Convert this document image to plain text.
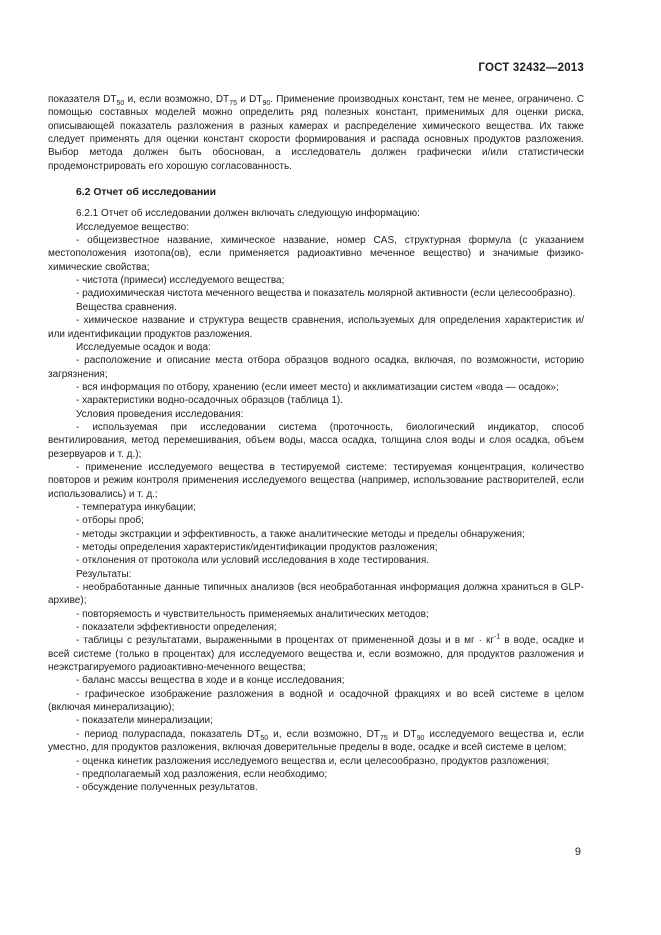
ГОСТ 32432—2013

показателя $DT_{50}$ и, если возможно, $DT_{75}$ и $DT_{90}$. Применение производных констант, тем не менее, ограничено. С помощью составных моделей можно определить ряд полезных констант, применимых для оценки риска, описывающей показатель разложения в разных камерах и распределение химического вещества. Их также следует применять для оценки констант скорости формирования и распада основных продуктов разложения. Выбор метода должен быть обоснован, а исследователь должен графически и/или статистически продемонстрировать его хорошую согласованность.

6.2 Отчет об исследовании

6.2.1 Отчет об исследовании должен включать следующую информацию:

Исследуемое вещество:

- общеизвестное название, химическое название, номер CAS, структурная формула (с указанием местоположения изотопа(ов), если применяется радиоактивно меченное вещество) и значимые физико-химические свойства;

- чистота (примеси) исследуемого вещества;

- радиохимическая чистота меченного вещества и показатель молярной активности (если целесообразно).

Вещества сравнения.

- химическое название и структура веществ сравнения, используемых для определения характеристик и/или идентификации продуктов разложения.

Исследуемые осадок и вода:

- расположение и описание места отбора образцов водного осадка, включая, по возможности, историю загрязнения;

- вся информация по отбору, хранению (если имеет место) и акклиматизации систем «вода — осадок»;

- характеристики водно-осадочных образцов (таблица 1).

Условия проведения исследования:

- используемая при исследовании система (проточность, биологический индикатор, способ вентилирования, метод перемешивания, объем воды, масса осадка, толщина слоя воды и слоя осадка, объем резервуаров и т. д.);

- применение исследуемого вещества в тестируемой системе: тестируемая концентрация, количество повторов и режим контроля применения исследуемого вещества (например, использование растворителей, если использовались) и т. д.;

- температура инкубации;

- отборы проб;

- методы экстракции и эффективность, а также аналитические методы и пределы обнаружения;

- методы определения характеристик/идентификации продуктов разложения;

- отклонения от протокола или условий исследования в ходе тестирования.

Результаты:

- необработанные данные типичных анализов (вся необработанная информация должна храниться в GLP-архиве);

- повторяемость и чувствительность применяемых аналитических методов;

- показатели эффективности определения;

- таблицы с результатами, выраженными в процентах от примененной дозы и в мг · $кг^{-1}$ в воде, осадке и всей системе (только в процентах) для исследуемого вещества и, если возможно, для продуктов разложения и неэкстрагируемого радиоактивно-меченного вещества;

- баланс массы вещества в ходе и в конце исследования;

- графическое изображение разложения в водной и осадочной фракциях и во всей системе в целом (включая минерализацию);

- показатели минерализации;

- период полураспада, показатель $DT_{50}$ и, если возможно, $DT_{75}$ и $DT_{90}$ исследуемого вещества и, если уместно, для продуктов разложения, включая доверительные пределы в воде, осадке и всей системе в целом;

- оценка кинетик разложения исследуемого вещества и, если целесообразно, продуктов разложения;

- предполагаемый ход разложения, если необходимо;

- обсуждение полученных результатов.

9
